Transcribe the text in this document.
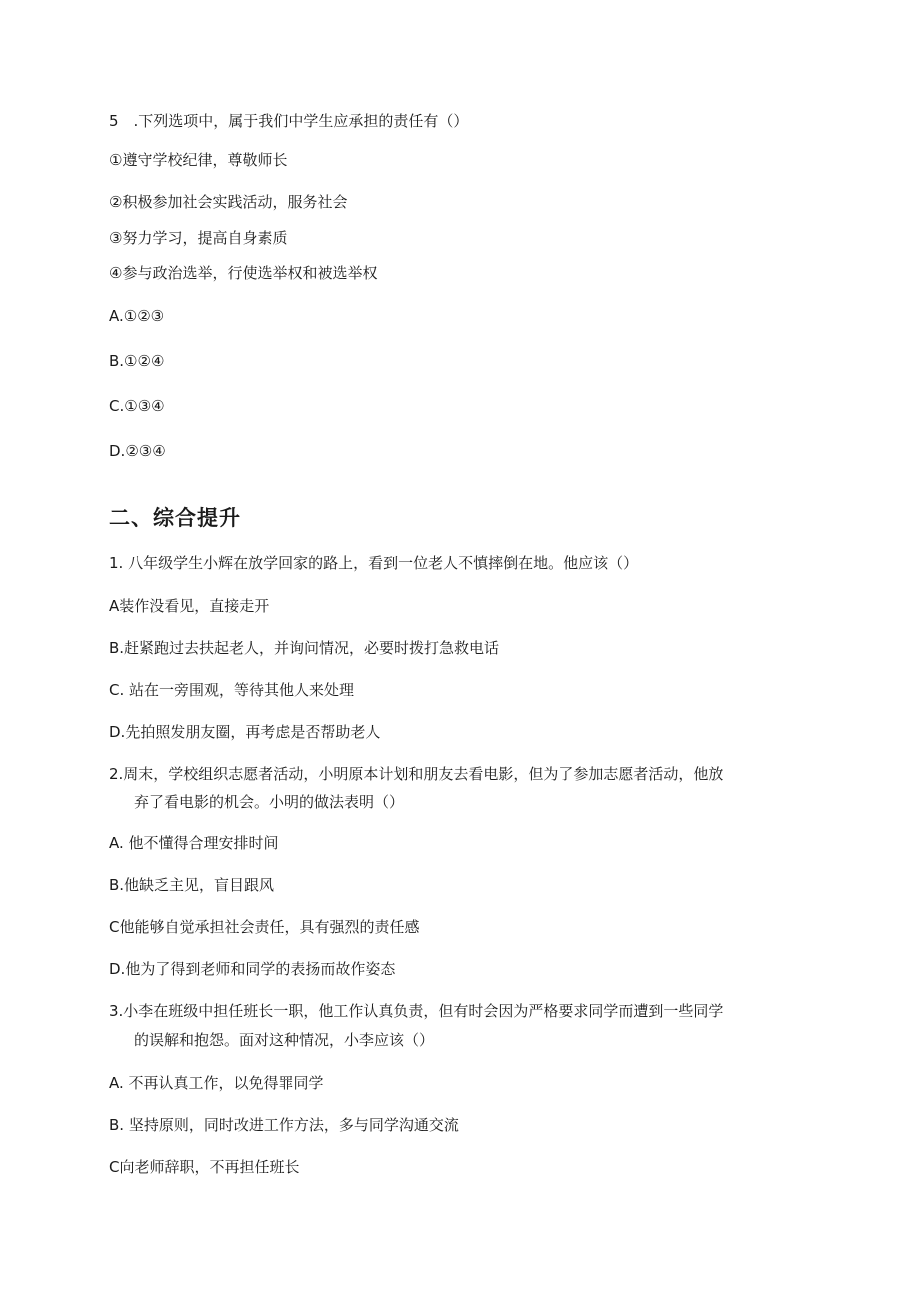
5　.下列选项中，属于我们中学生应承担的责任有（）
①遵守学校纪律，尊敬师长
②积极参加社会实践活动，服务社会
③努力学习，提高自身素质
④参与政治选举，行使选举权和被选举权
A.①②③
B.①②④
C.①③④
D.②③④
二、综合提升
1. 八年级学生小辉在放学回家的路上，看到一位老人不慎摔倒在地。他应该（）
A装作没看见，直接走开
B.赶紧跑过去扶起老人，并询问情况，必要时拨打急救电话
C. 站在一旁围观，等待其他人来处理
D.先拍照发朋友圈，再考虑是否帮助老人
2.周末，学校组织志愿者活动，小明原本计划和朋友去看电影，但为了参加志愿者活动，他放
弃了看电影的机会。小明的做法表明（）
A. 他不懂得合理安排时间
B.他缺乏主见，盲目跟风
C他能够自觉承担社会责任，具有强烈的责任感
D.他为了得到老师和同学的表扬而故作姿态
3.小李在班级中担任班长一职，他工作认真负责，但有时会因为严格要求同学而遭到一些同学
的误解和抱怨。面对这种情况，小李应该（）
A. 不再认真工作，以免得罪同学
B. 坚持原则，同时改进工作方法，多与同学沟通交流
C向老师辞职，不再担任班长
